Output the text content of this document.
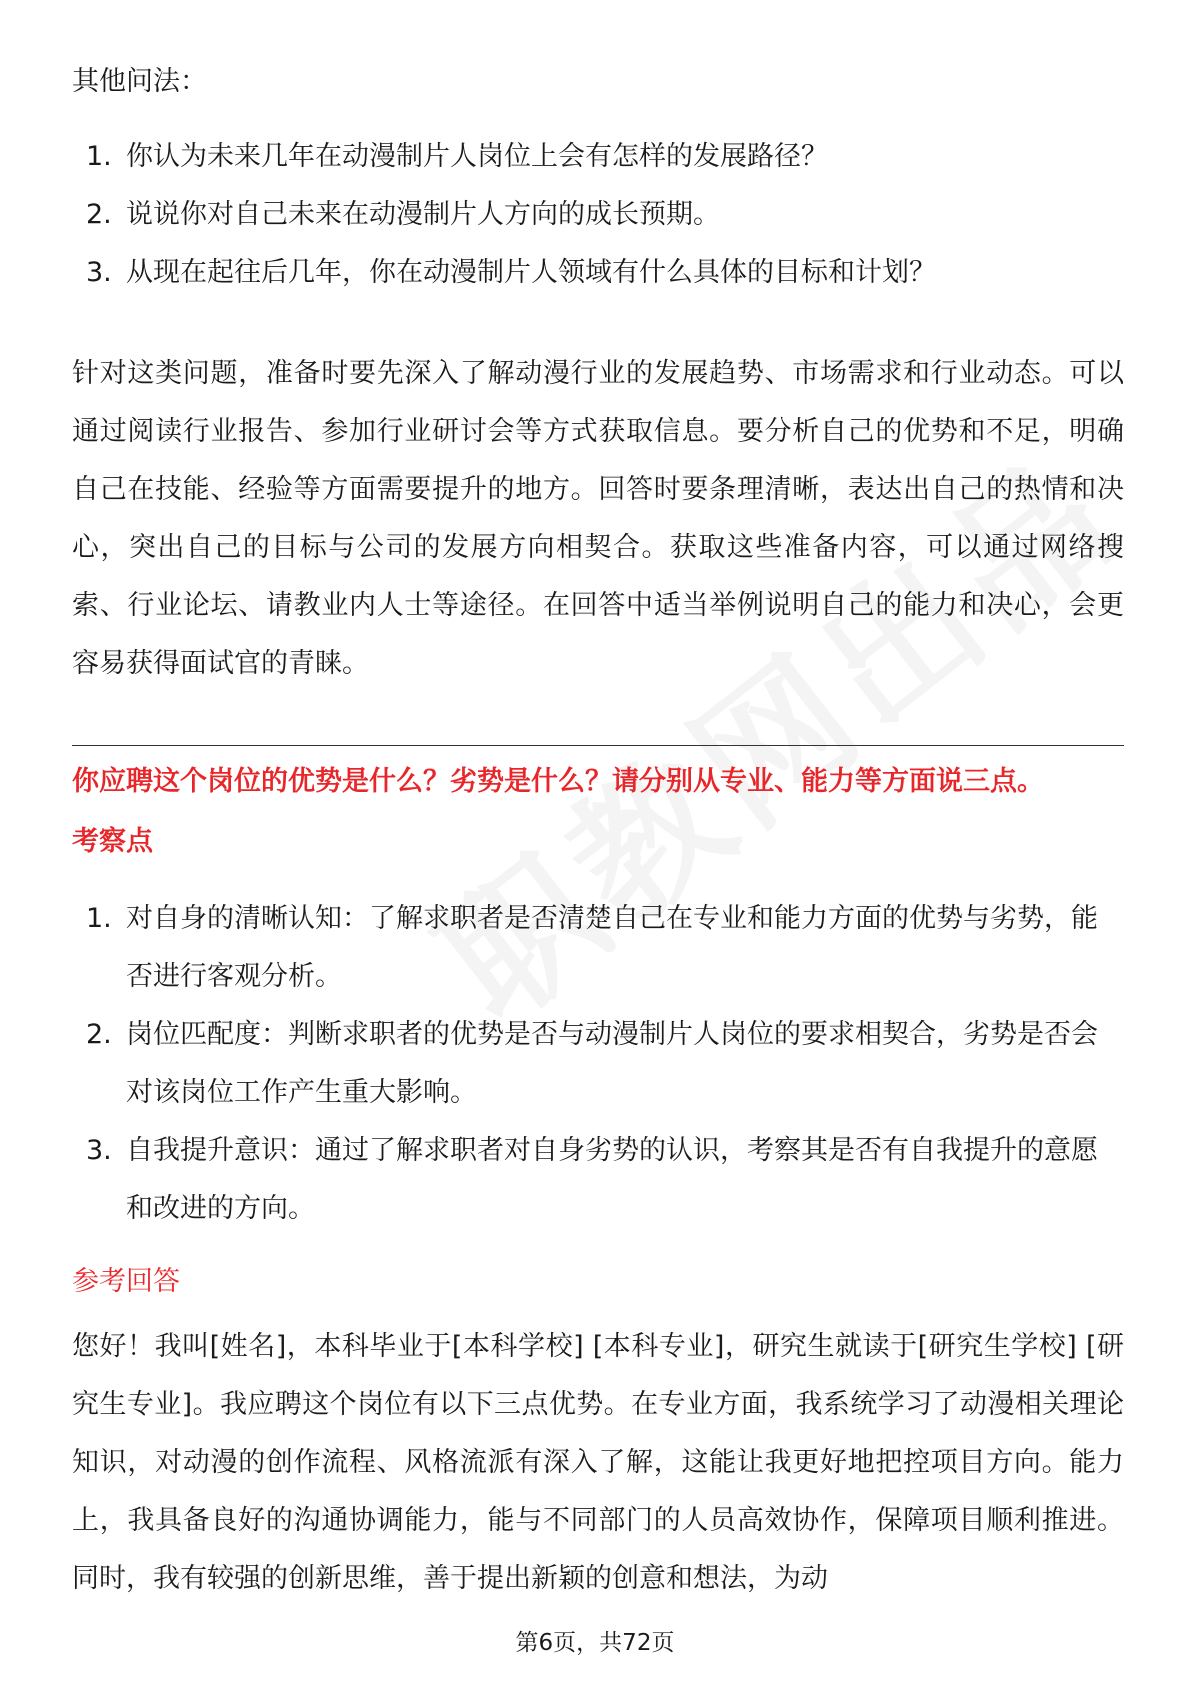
其他问法：
1. 你认为未来几年在动漫制片人岗位上会有怎样的发展路径？
2. 说说你对自己未来在动漫制片人方向的成长预期。
3. 从现在起往后几年，你在动漫制片人领域有什么具体的目标和计划？

针对这类问题，准备时要先深入了解动漫行业的发展趋势、市场需求和行业动态。可以通过阅读行业报告、参加行业研讨会等方式获取信息。要分析自己的优势和不足，明确自己在技能、经验等方面需要提升的地方。回答时要条理清晰，表达出自己的热情和决心，突出自己的目标与公司的发展方向相契合。获取这些准备内容，可以通过网络搜索、行业论坛、请教业内人士等途径。在回答中适当举例说明自己的能力和决心，会更容易获得面试官的青睐。

你应聘这个岗位的优势是什么？劣势是什么？请分别从专业、能力等方面说三点。
考察点
1. 对自身的清晰认知：了解求职者是否清楚自己在专业和能力方面的优势与劣势，能否进行客观分析。
2. 岗位匹配度：判断求职者的优势是否与动漫制片人岗位的要求相契合，劣势是否会对该岗位工作产生重大影响。
3. 自我提升意识：通过了解求职者对自身劣势的认识，考察其是否有自我提升的意愿和改进的方向。
参考回答

您好！我叫[姓名]，本科毕业于[本科学校] [本科专业]，研究生就读于[研究生学校] [研究生专业]。我应聘这个岗位有以下三点优势。在专业方面，我系统学习了动漫相关理论知识，对动漫的创作流程、风格流派有深入了解，这能让我更好地把控项目方向。能力上，我具备良好的沟通协调能力，能与不同部门的人员高效协作，保障项目顺利推进。同时，我有较强的创新思维，善于提出新颖的创意和想法，为动

第6页，共72页
